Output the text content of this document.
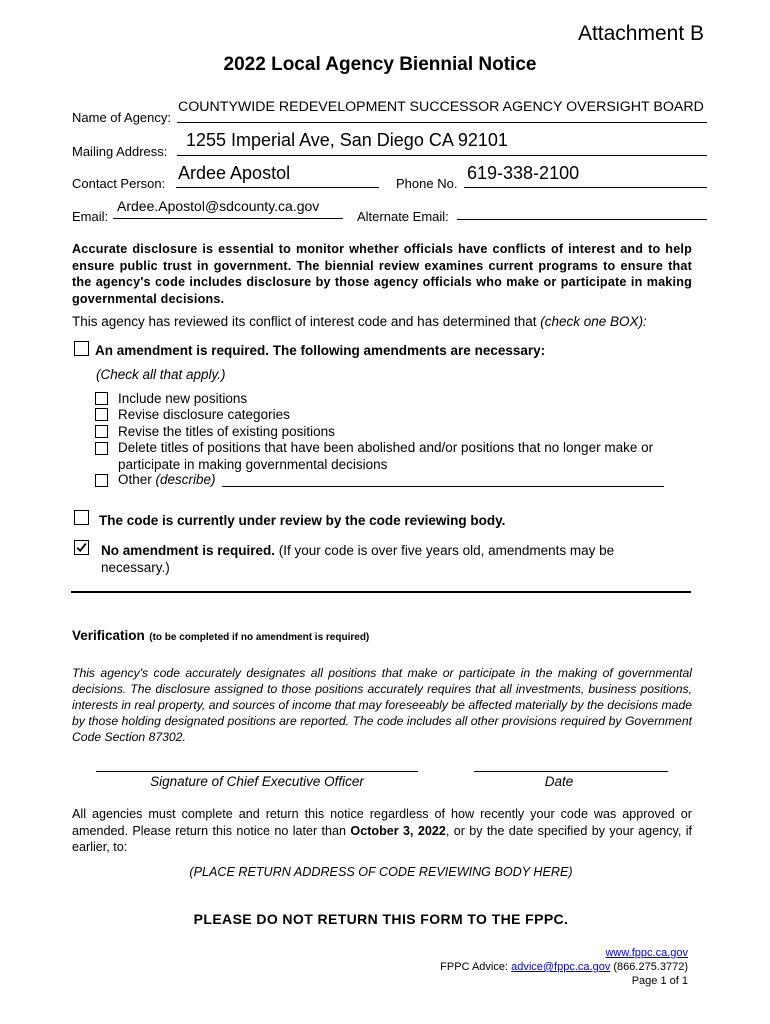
Attachment B
2022 Local Agency Biennial Notice
Name of Agency:
COUNTYWIDE REDEVELOPMENT SUCCESSOR AGENCY OVERSIGHT BOARD
Mailing Address:
1255 Imperial Ave, San Diego CA 92101
Contact Person:
Ardee Apostol
Phone No.
619-338-2100
Email:
Ardee.Apostol@sdcounty.ca.gov
Alternate Email:
Accurate disclosure is essential to monitor whether officials have conflicts of interest and to help ensure public trust in government. The biennial review examines current programs to ensure that the agency's code includes disclosure by those agency officials who make or participate in making governmental decisions.
This agency has reviewed its conflict of interest code and has determined that (check one BOX):
An amendment is required. The following amendments are necessary:
(Check all that apply.)
Include new positions
Revise disclosure categories
Revise the titles of existing positions
Delete titles of positions that have been abolished and/or positions that no longer make or participate in making governmental decisions
Other (describe)
The code is currently under review by the code reviewing body.
No amendment is required. (If your code is over five years old, amendments may be necessary.)
Verification (to be completed if no amendment is required)
This agency's code accurately designates all positions that make or participate in the making of governmental decisions. The disclosure assigned to those positions accurately requires that all investments, business positions, interests in real property, and sources of income that may foreseeably be affected materially by the decisions made by those holding designated positions are reported. The code includes all other provisions required by Government Code Section 87302.
Signature of Chief Executive Officer	Date
All agencies must complete and return this notice regardless of how recently your code was approved or amended. Please return this notice no later than October 3, 2022, or by the date specified by your agency, if earlier, to:
(PLACE RETURN ADDRESS OF CODE REVIEWING BODY HERE)
PLEASE DO NOT RETURN THIS FORM TO THE FPPC.
www.fppc.ca.gov
FPPC Advice: advice@fppc.ca.gov (866.275.3772)
Page 1 of 1
